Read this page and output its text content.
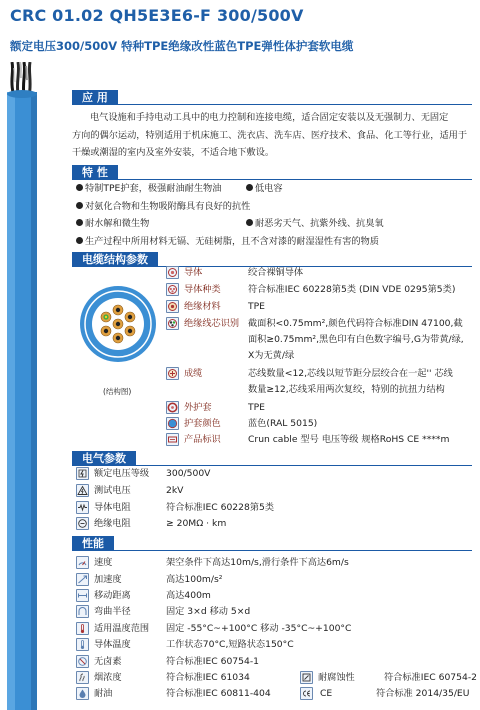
CRC 01.02 QH5E3E6-F 300/500V
额定电压300/500V 特种TPE绝缘改性蓝色TPE弹性体护套软电缆
应 用
电气设施和手持电动工具中的电力控制和连接电缆，适合固定安装以及无强制力、无固定
方向的偶尔运动，特别适用于机床施工、洗衣店、洗车店、医疗技术、食品、化工等行业，适用于
干燥或潮湿的室内及室外安装，不适合地下敷设。
特 性
特制TPE护套，极强耐油耐生物油	低电容
对氨化合物和生物吸附酶具有良好的抗性
耐水解和微生物	耐恶劣天气、抗紫外线、抗臭氧
生产过程中所用材料无镉、无硅树脂，且不含对漆的耐湿湿性有害的物质
电缆结构参数
(结构图)
导体	绞合裸铜导体
导体种类	符合标准IEC 60228第5类 (DIN VDE 0295第5类)
绝缘材料	TPE
绝缘线芯识别 截面积<0.75mm²,颜色代码符合标准DIN 47100,截
面积≥0.75mm²,黑色印有白色数字编号,G为带黄/绿,
X为无黄/绿
成缆	芯线数量<12,芯线以短节距分层绞合在一起'' 芯线
数量≥12,芯线采用两次复绞，特别的抗扭力结构
外护套	TPE
护套颜色	蓝色(RAL 5015)
产品标识	Crun cable 型号 电压等级 规格RoHS CE ****m
电气参数
额定电压等级 300/500V
测试电压	2kV
导体电阻	符合标准IEC 60228第5类
绝缘电阻	≥ 20MΩ · km
性能
速度	架空条件下高达10m/s,滑行条件下高达6m/s
加速度	高达100m/s²
移动距离	高达400m
弯曲半径	固定 3×d 移动 5×d
适用温度范围 固定 -55°C~+100°C 移动 -35°C~+100°C
导体温度	工作状态70°C,短路状态150°C
无卤素	符合标准IEC 60754-1
烟浓度	符合标准IEC 61034
耐油	符合标准IEC 60811-404
耐腐蚀性	符合标准IEC 60754-2
CE	符合标准 2014/35/EU
